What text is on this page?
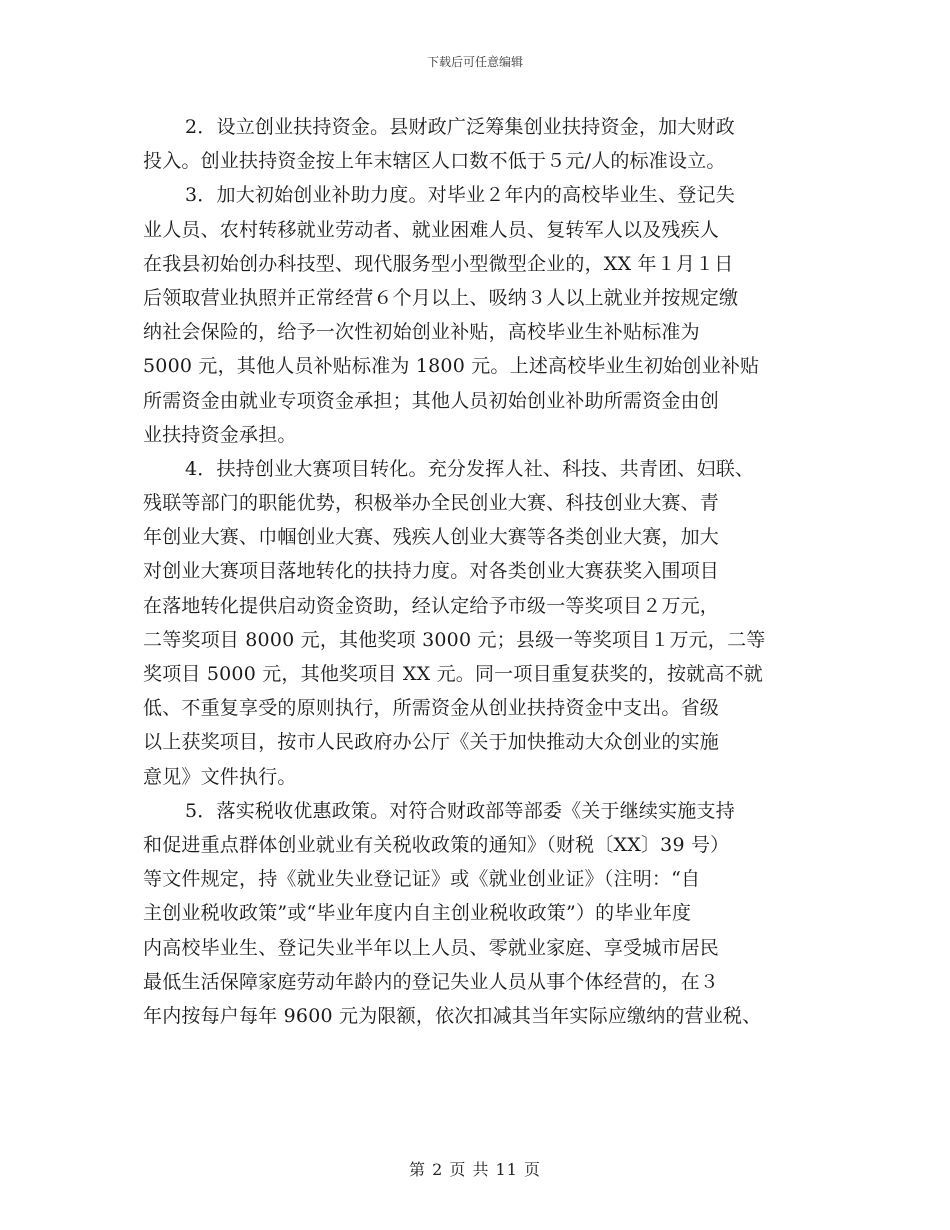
下载后可任意编辑
2．设立创业扶持资金。县财政广泛筹集创业扶持资金，加大财政
投入。创业扶持资金按上年末辖区人口数不低于５元/人的标准设立。
3．加大初始创业补助力度。对毕业２年内的高校毕业生、登记失
业人员、农村转移就业劳动者、就业困难人员、复转军人以及残疾人
在我县初始创办科技型、现代服务型小型微型企业的，XX 年１月１日
后领取营业执照并正常经营６个月以上、吸纳３人以上就业并按规定缴
纳社会保险的，给予一次性初始创业补贴，高校毕业生补贴标准为
5000 元，其他人员补贴标准为 1800 元。上述高校毕业生初始创业补贴
所需资金由就业专项资金承担；其他人员初始创业补助所需资金由创
业扶持资金承担。
4．扶持创业大赛项目转化。充分发挥人社、科技、共青团、妇联、
残联等部门的职能优势，积极举办全民创业大赛、科技创业大赛、青
年创业大赛、巾帼创业大赛、残疾人创业大赛等各类创业大赛，加大
对创业大赛项目落地转化的扶持力度。对各类创业大赛获奖入围项目
在落地转化提供启动资金资助，经认定给予市级一等奖项目２万元，
二等奖项目 8000 元，其他奖项 3000 元；县级一等奖项目１万元，二等
奖项目 5000 元，其他奖项目 XX 元。同一项目重复获奖的，按就高不就
低、不重复享受的原则执行，所需资金从创业扶持资金中支出。省级
以上获奖项目，按市人民政府办公厅《关于加快推动大众创业的实施
意见》文件执行。
5．落实税收优惠政策。对符合财政部等部委《关于继续实施支持
和促进重点群体创业就业有关税收政策的通知》（财税〔XX〕39 号）
等文件规定，持《就业失业登记证》或《就业创业证》（注明：“自
主创业税收政策”或“毕业年度内自主创业税收政策”）的毕业年度
内高校毕业生、登记失业半年以上人员、零就业家庭、享受城市居民
最低生活保障家庭劳动年龄内的登记失业人员从事个体经营的，在３
年内按每户每年 9600 元为限额，依次扣减其当年实际应缴纳的营业税、
第 2 页 共 11 页
